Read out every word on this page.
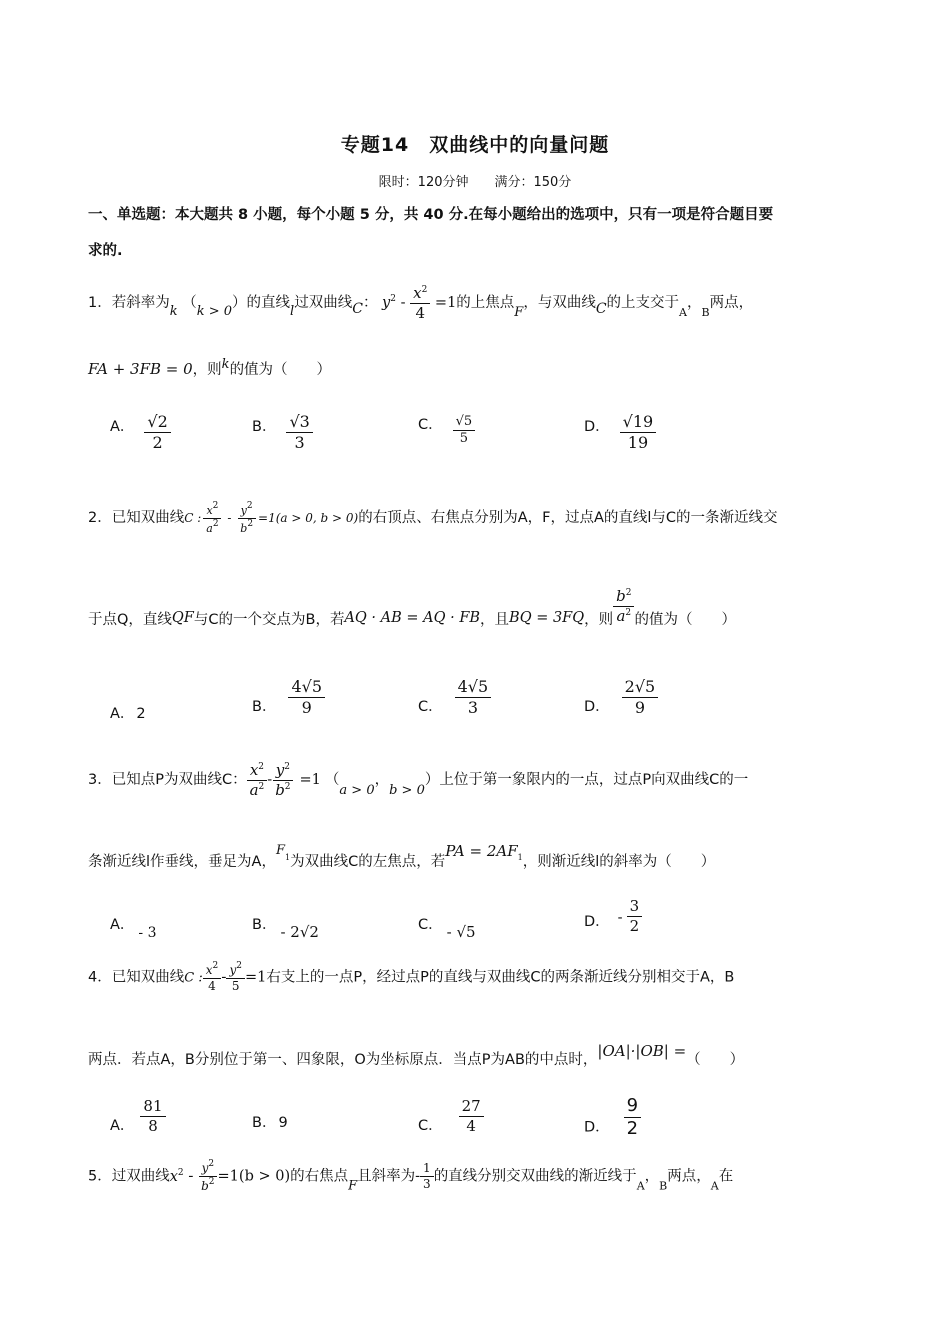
专题14　双曲线中的向量问题
限时：120分钟　　满分：150分
一、单选题：本大题共 8 小题，每个小题 5 分，共 40 分.在每小题给出的选项中，只有一项是符合题目要
求的.
1．若斜率为k （k > 0）的直线l过双曲线C： $y^2 - \frac{x^2}{4} =1$的上焦点F，与双曲线C的上支交于$_A$，$_B$两点，
FA + 3FB = 0，则k的值为（　　）
A． $\frac{√2}{2}$	B． $\frac{√3}{3}$	C． $\frac{√5}{5}$	D． $\frac{√19}{19}$
2．已知双曲线C : $\frac{x^2}{a^2} - \frac{y^2}{b^2} =1(a > 0$, b > 0)的右顶点、右焦点分别为A，F，过点A的直线l与C的一条渐近线交
于点Q，直线QF与C的一个交点为B，若AQ · AB = AQ · FB，且BQ = 3FQ，则 $\frac{b^2}{a^2}$ 的值为（　　）
A． 2	B． $\frac{4√5}{9}$	C． $\frac{4√5}{3}$	D． $\frac{2√5}{9}$
3．已知点P为双曲线C： $\frac{x^2}{a^2} - \frac{y^2}{b^2} =1$ （a > 0，b > 0）上位于第一象限内的一点，过点P向双曲线C的一
条渐近线l作垂线，垂足为A，$F_1$为双曲线C的左焦点，若PA = $2AF_1$，则渐近线l的斜率为（　　）
A． - 3	B． - 2√2	C． - √5
D． - $\frac{3}{2}$
4．已知双曲线C : $\frac{x^2}{4} - \frac{y^2}{5} =1$右支上的一点P，经过点P的直线与双曲线C的两条渐近线分别相交于A，B
两点．若点A，B分别位于第一、四象限，O为坐标原点．当点P为AB的中点时，|OA|·|OB| =（　　）
A． $\frac{81}{8}$	B． 9	C． $\frac{27}{4}$	D． $\frac{9}{2}$
5．过双曲线$x^2 - \frac{y^2}{b^2} =1(b > 0)$的右焦点F且斜率为- $\frac{1}{3}$ 的直线分别交双曲线的渐近线于$_A$，$_B$两点，$_A$在
